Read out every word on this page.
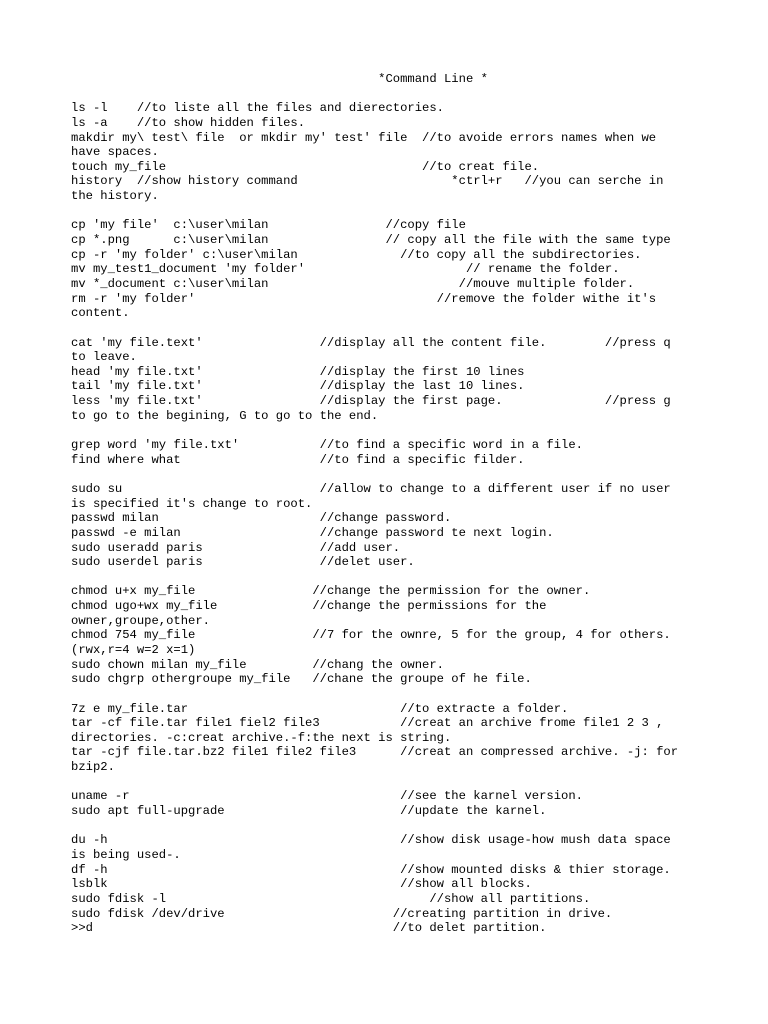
*Command Line *
ls -l    //to liste all the files and dierectories.
ls -a    //to show hidden files.
makdir my\ test\ file  or mkdir my' test' file  //to avoide errors names when we
have spaces.
touch my_file                                   //to creat file.
history  //show history command                     *ctrl+r   //you can serche in
the history.
cp 'my file'  c:\user\milan                //copy file
cp *.png      c:\user\milan                // copy all the file with the same type
cp -r 'my folder' c:\user\milan              //to copy all the subdirectories.
mv my_test1_document 'my folder'                      // rename the folder.
mv *_document c:\user\milan                          //mouve multiple folder.
rm -r 'my folder'                                 //remove the folder withe it's
content.
cat 'my file.text'                //display all the content file.        //press q
to leave.
head 'my file.txt'                //display the first 10 lines
tail 'my file.txt'                //display the last 10 lines.
less 'my file.txt'                //display the first page.              //press g
to go to the begining, G to go to the end.
grep word 'my file.txt'           //to find a specific word in a file.
find where what                   //to find a specific filder.
sudo su                           //allow to change to a different user if no user
is specified it's change to root.
passwd milan                      //change password.
passwd -e milan                   //change password te next login.
sudo useradd paris                //add user.
sudo userdel paris                //delet user.
chmod u+x my_file                //change the permission for the owner.
chmod ugo+wx my_file             //change the permissions for the
owner,groupe,other.
chmod 754 my_file                //7 for the ownre, 5 for the group, 4 for others.
(rwx,r=4 w=2 x=1)
sudo chown milan my_file         //chang the owner.
sudo chgrp othergroupe my_file   //chane the groupe of he file.
7z e my_file.tar                             //to extracte a folder.
tar -cf file.tar file1 fiel2 file3           //creat an archive frome file1 2 3 ,
directories. -c:creat archive.-f:the next is string.
tar -cjf file.tar.bz2 file1 file2 file3      //creat an compressed archive. -j: for
bzip2.
uname -r                                     //see the karnel version.
sudo apt full-upgrade                        //update the karnel.
du -h                                        //show disk usage-how mush data space
is being used-.
df -h                                        //show mounted disks & thier storage.
lsblk                                        //show all blocks.
sudo fdisk -l                                    //show all partitions.
sudo fdisk /dev/drive                       //creating partition in drive.
>>d                                         //to delet partition.
